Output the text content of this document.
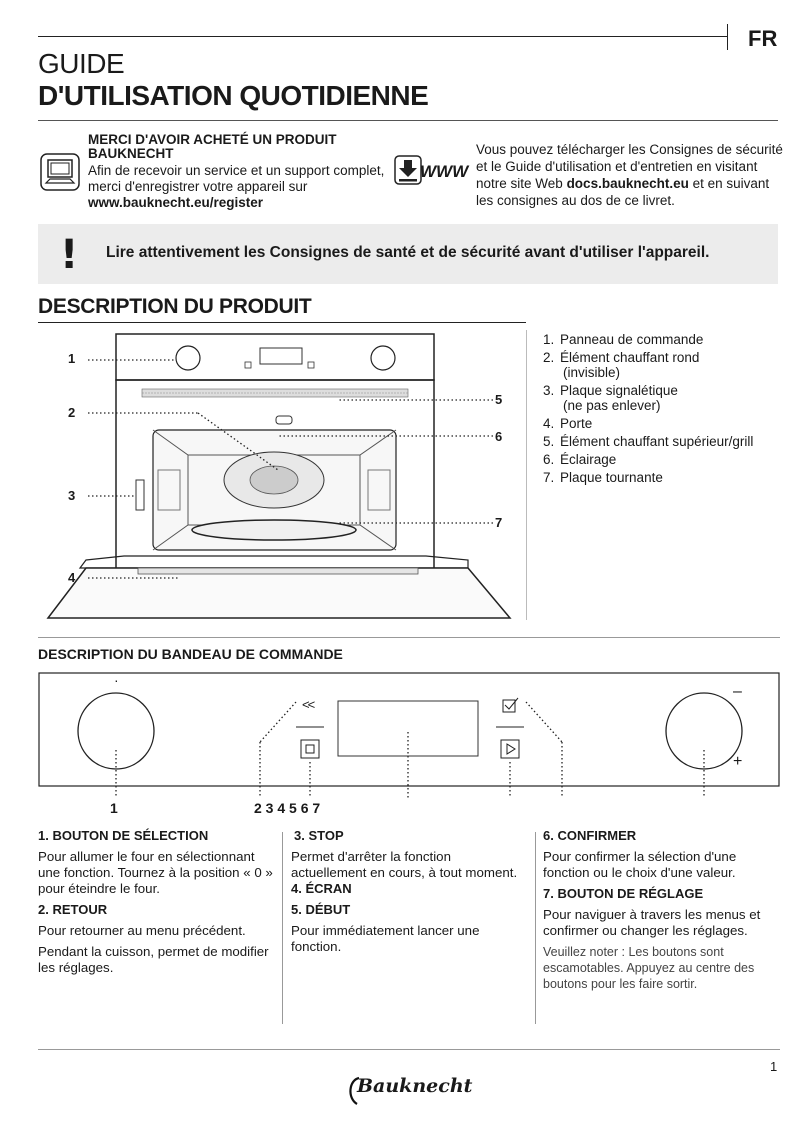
FR
GUIDE
D'UTILISATION QUOTIDIENNE
MERCI D'AVOIR ACHETÉ UN PRODUIT BAUKNECHT
Afin de recevoir un service et un support complet, merci d'enregistrer votre appareil sur
www.bauknecht.eu/register
WWW
Vous pouvez télécharger les Consignes de sécurité et le Guide d'utilisation et d'entretien en visitant notre site Web docs.bauknecht.eu et en suivant les consignes au dos de ce livret.
! Lire attentivement les Consignes de santé et de sécurité avant d'utiliser l'appareil.
DESCRIPTION DU PRODUIT
1
2
3
4
5
6
7
1. Panneau de commande
2. Élément chauffant rond
(invisible)
3. Plaque signalétique
(ne pas enlever)
4. Porte
5. Élément chauffant supérieur/grill
6. Éclairage
7. Plaque tournante
DESCRIPTION DU BANDEAU DE COMMANDE
·
<<
–
+
1	2 3 4 5 6 7
1. BOUTON DE SÉLECTION

Pour allumer le four en sélectionnant une fonction. Tournez à la position « 0 » pour éteindre le four.

2. RETOUR

Pour retourner au menu précédent.

Pendant la cuisson, permet de modifier les réglages.

3. STOP

Permet d'arrêter la fonction actuellement en cours, à tout moment.

4. ÉCRAN
5. DÉBUT

Pour immédiatement lancer une fonction.

6. CONFIRMER

Pour confirmer la sélection d'une fonction ou le choix d'une valeur.

7. BOUTON DE RÉGLAGE

Pour naviguer à travers les menus et confirmer ou changer les réglages.

Veuillez noter : Les boutons sont escamotables. Appuyez au centre des boutons pour les faire sortir.

1
Bauknecht
